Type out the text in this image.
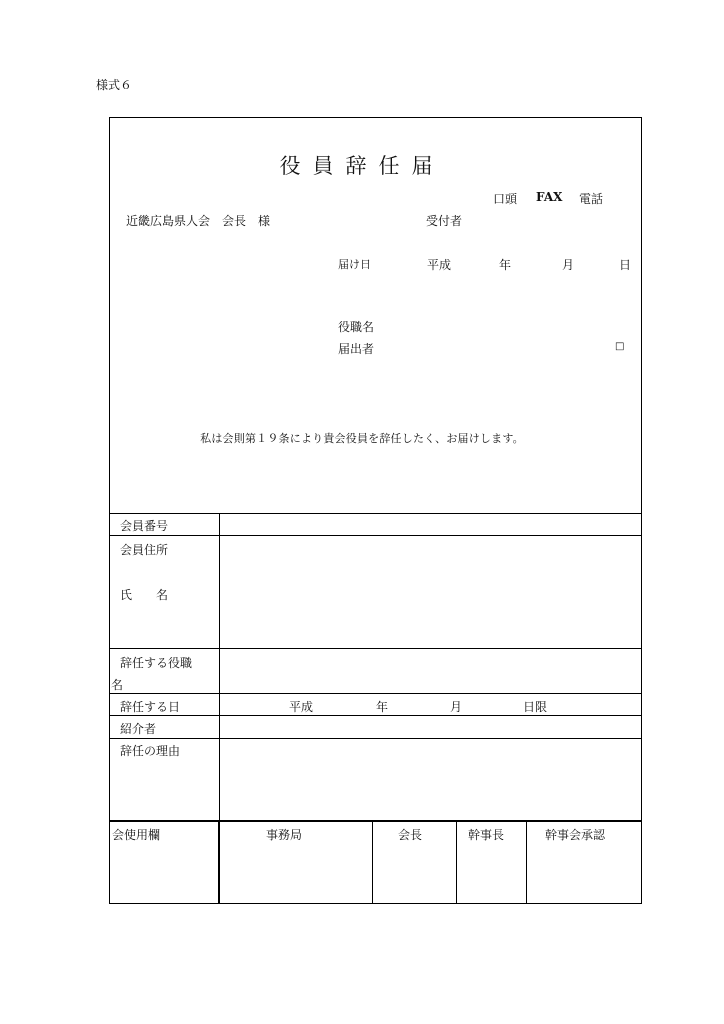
様式６
役員辞任届
口頭 FAX 電話
受付者
近畿広島県人会　会長　様
届け日	平成	年	月	日
役職名
届出者	□
私は会則第１９条により貴会役員を辞任したく、お届けします。
会員番号
会員住所
氏　　名
辞任する役職
名
辞任する日	平成	年	月	日限
紹介者
辞任の理由
会使用欄	事務局	会長	幹事長	幹事会承認
